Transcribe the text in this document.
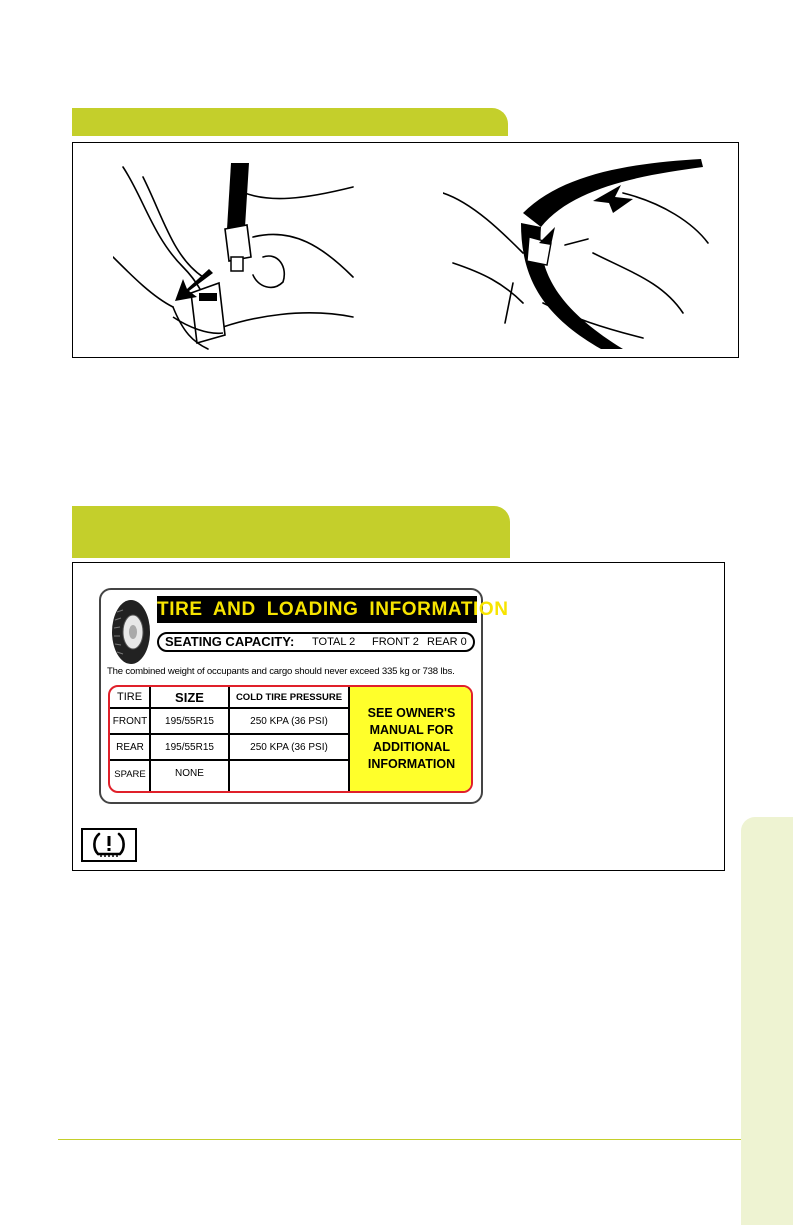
TIRE AND LOADING INFORMATION
SEATING CAPACITY: TOTAL 2 FRONT 2 REAR 0
The combined weight of occupants and cargo should never exceed 335 kg or 738 lbs.
TIRE	SIZE	COLD TIRE PRESSURE
FRONT	195/55R15	250 KPA (36 PSI)
REAR	195/55R15	250 KPA (36 PSI)
SPARE	NONE
SEE OWNER'S MANUAL FOR ADDITIONAL INFORMATION
